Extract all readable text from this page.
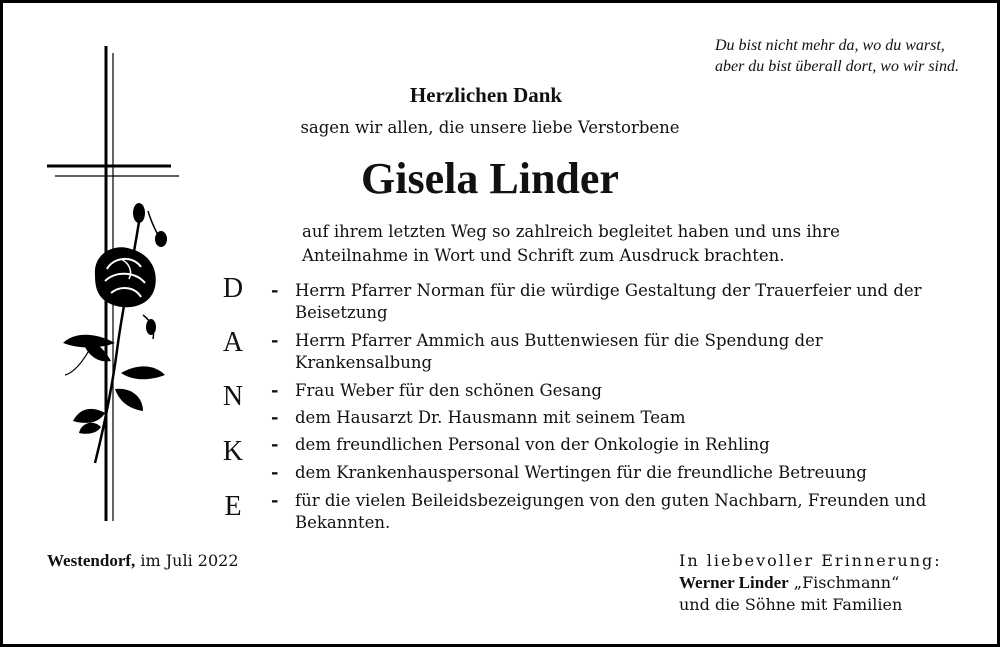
Du bist nicht mehr da, wo du warst,
aber du bist überall dort, wo wir sind.
Herzlichen Dank
sagen wir allen, die unsere liebe Verstorbene
Gisela Linder
auf ihrem letzten Weg so zahlreich begleitet haben und uns ihre Anteilnahme in Wort und Schrift zum Ausdruck brachten.
D
A
N
K
E
-	Herrn Pfarrer Norman für die würdige Gestaltung der Trauerfeier und der Beisetzung
-	Herrn Pfarrer Ammich aus Buttenwiesen für die Spendung der Krankensalbung
-	Frau Weber für den schönen Gesang
-	dem Hausarzt Dr. Hausmann mit seinem Team
-	dem freundlichen Personal von der Onkologie in Rehling
-	dem Krankenhauspersonal Wertingen für die freundliche Betreuung
-	für die vielen Beileidsbezeigungen von den guten Nachbarn, Freunden und Bekannten.
Westendorf, im Juli 2022	In liebevoller Erinnerung:
Werner Linder „Fischmann“
und die Söhne mit Familien
